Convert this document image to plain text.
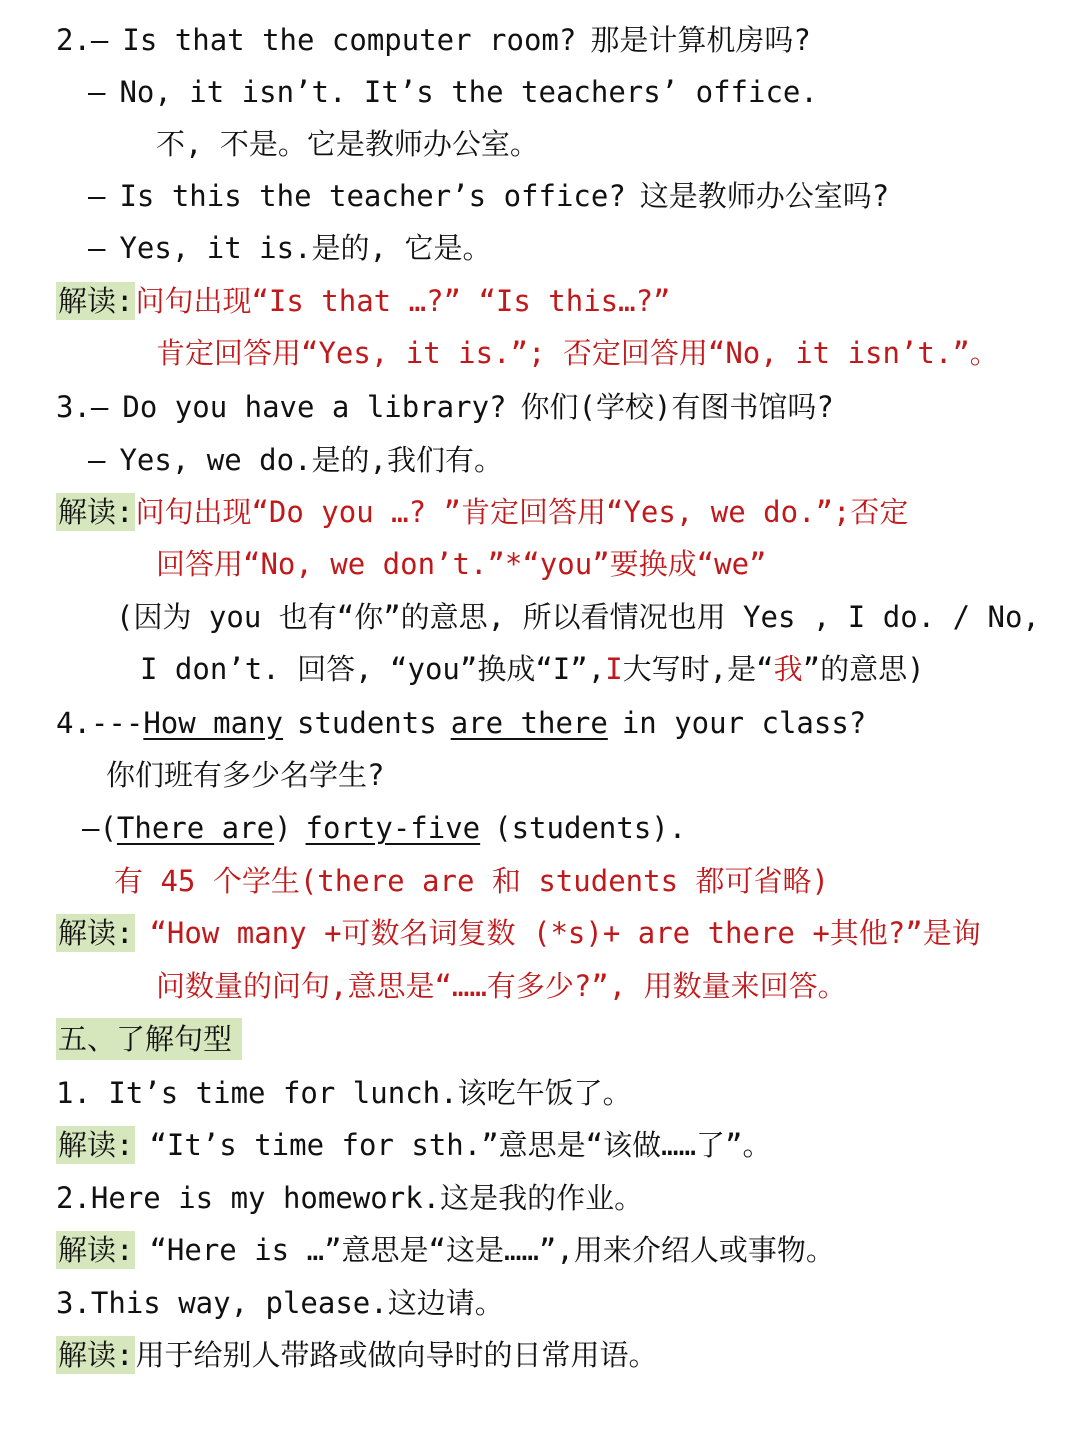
2.— Is that the computer room? 那是计算机房吗?
— No, it isn’t. It’s the teachers’ office.
不, 不是。它是教师办公室。
— Is this the teacher’s office? 这是教师办公室吗?
— Yes, it is.是的, 它是。
解读:问句出现“Is that …?” “Is this…?”
肯定回答用“Yes, it is.”; 否定回答用“No, it isn’t.”。
3.— Do you have a library? 你们(学校)有图书馆吗?
— Yes, we do.是的,我们有。
解读:问句出现“Do you …? ”肯定回答用“Yes, we do.”;否定
回答用“No, we don’t.”*“you”要换成“we”
(因为 you 也有“你”的意思, 所以看情况也用 Yes , I do. / No,
I don’t. 回答, “you”换成“I”,I大写时,是“我”的意思)
4.---How many students are there in your class?
你们班有多少名学生?
—(There are) forty-five (students).
有 45 个学生(there are 和 students 都可省略)
解读: “How many +可数名词复数 (*s)+ are there +其他?”是询
问数量的问句,意思是“……有多少?”, 用数量来回答。
五、了解句型
1. It’s time for lunch.该吃午饭了。
解读: “It’s time for sth.”意思是“该做……了”。
2.Here is my homework.这是我的作业。
解读: “Here is …”意思是“这是……”,用来介绍人或事物。
3.This way, please.这边请。
解读:用于给别人带路或做向导时的日常用语。
